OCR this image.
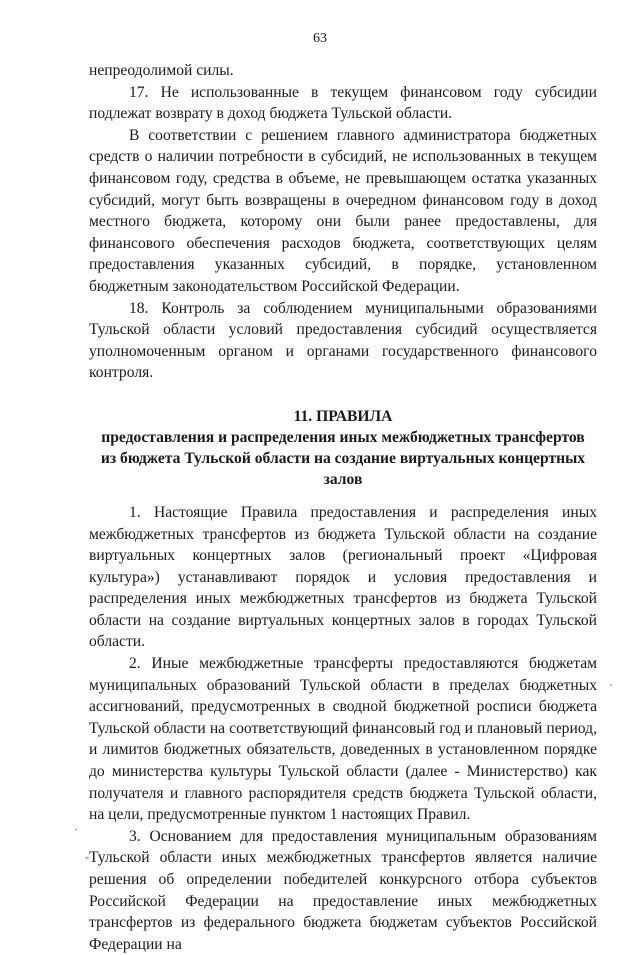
63

непреодолимой силы.

17. Не использованные в текущем финансовом году субсидии подлежат возврату в доход бюджета Тульской области.

В соответствии с решением главного администратора бюджетных средств о наличии потребности в субсидий, не использованных в текущем финансовом году, средства в объеме, не превышающем остатка указанных субсидий, могут быть возвращены в очередном финансовом году в доход местного бюджета, которому они были ранее предоставлены, для финансового обеспечения расходов бюджета, соответствующих целям предоставления указанных субсидий, в порядке, установленном бюджетным законодательством Российской Федерации.

18. Контроль за соблюдением муниципальными образованиями Тульской области условий предоставления субсидий осуществляется уполномоченным органом и органами государственного финансового контроля.

11. ПРАВИЛА
предоставления и распределения иных межбюджетных трансфертов из бюджета Тульской области на создание виртуальных концертных залов

1. Настоящие Правила предоставления и распределения иных межбюджетных трансфертов из бюджета Тульской области на создание виртуальных концертных залов (региональный проект «Цифровая культура») устанавливают порядок и условия предоставления и распределения иных межбюджетных трансфертов из бюджета Тульской области на создание виртуальных концертных залов в городах Тульской области.

2. Иные межбюджетные трансферты предоставляются бюджетам муниципальных образований Тульской области в пределах бюджетных ассигнований, предусмотренных в сводной бюджетной росписи бюджета Тульской области на соответствующий финансовый год и плановый период, и лимитов бюджетных обязательств, доведенных в установленном порядке до министерства культуры Тульской области (далее - Министерство) как получателя и главного распорядителя средств бюджета Тульской области, на цели, предусмотренные пунктом 1 настоящих Правил.

3. Основанием для предоставления муниципальным образованиям Тульской области иных межбюджетных трансфертов является наличие решения об определении победителей конкурсного отбора субъектов Российской Федерации на предоставление иных межбюджетных трансфертов из федерального бюджета бюджетам субъектов Российской Федерации на

'
.
"
